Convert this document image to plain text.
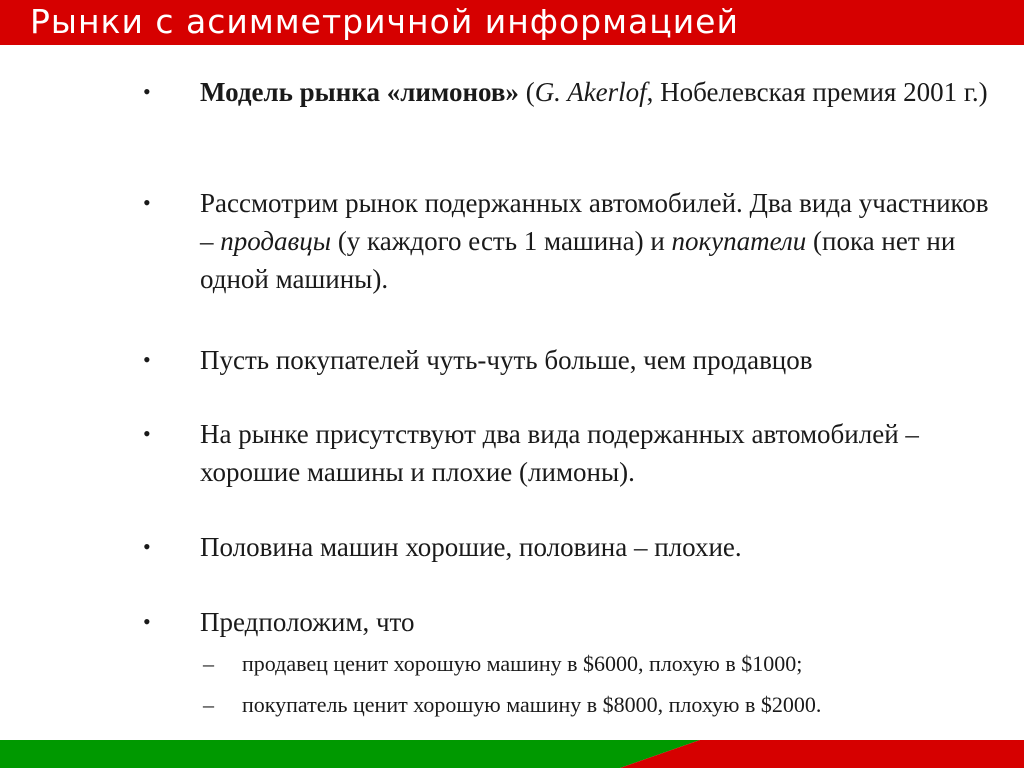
Рынки с асимметричной информацией
•	Модель рынка «лимонов» (G. Akerlof, Нобелевская премия 2001 г.)
•	Рассмотрим рынок подержанных автомобилей. Два вида участников – продавцы (у каждого есть 1 машина) и покупатели (пока нет ни одной машины).
•	Пусть покупателей чуть-чуть больше, чем продавцов
•	На рынке присутствуют два вида подержанных автомобилей – хорошие машины и плохие (лимоны).
•	Половина машин хорошие, половина – плохие.
•	Предположим, что
– продавец ценит хорошую машину в $6000, плохую в $1000;
– покупатель ценит хорошую машину в $8000, плохую в $2000.
